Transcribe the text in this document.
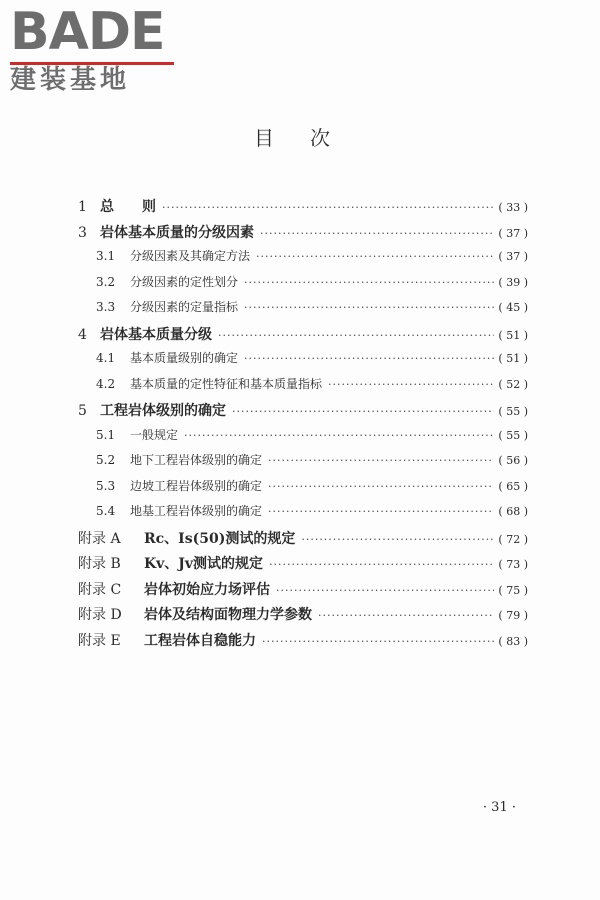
BADE
建装基地
目次
1 总　　则 ·····	( 33 )
3 岩体基本质量的分级因素 ·····	( 37 )
3.1	分级因素及其确定方法 ·····	( 37 )
3.2	分级因素的定性划分 ·····	( 39 )
3.3	分级因素的定量指标 ·····	( 45 )
4 岩体基本质量分级 ·····	( 51 )
4.1	基本质量级别的确定 ·····	( 51 )
4.2	基本质量的定性特征和基本质量指标 ·····	( 52 )
5 工程岩体级别的确定 ·····	( 55 )
5.1	一般规定 ·····	( 55 )
5.2	地下工程岩体级别的确定 ·····	( 56 )
5.3	边坡工程岩体级别的确定 ·····	( 65 )
5.4	地基工程岩体级别的确定 ·····	( 68 )
附录 A	Rc、Is(50)测试的规定 ·····	( 72 )
附录 B	Kv、Jv测试的规定 ·····	( 73 )
附录 C	岩体初始应力场评估 ·····	( 75 )
附录 D	岩体及结构面物理力学参数 ·····	( 79 )
附录 E	工程岩体自稳能力 ·····	( 83 )
· 31 ·
